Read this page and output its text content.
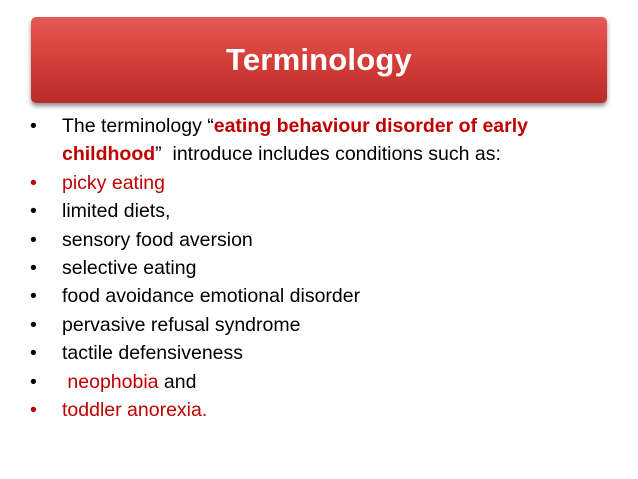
Terminology
•	The terminology “eating behaviour disorder of early
childhood”  introduce includes conditions such as:
•	picky eating
•	limited diets,
•	sensory food aversion
•	selective eating
•	food avoidance emotional disorder
•	pervasive refusal syndrome
•	tactile defensiveness
•	neophobia and
•	toddler anorexia.
